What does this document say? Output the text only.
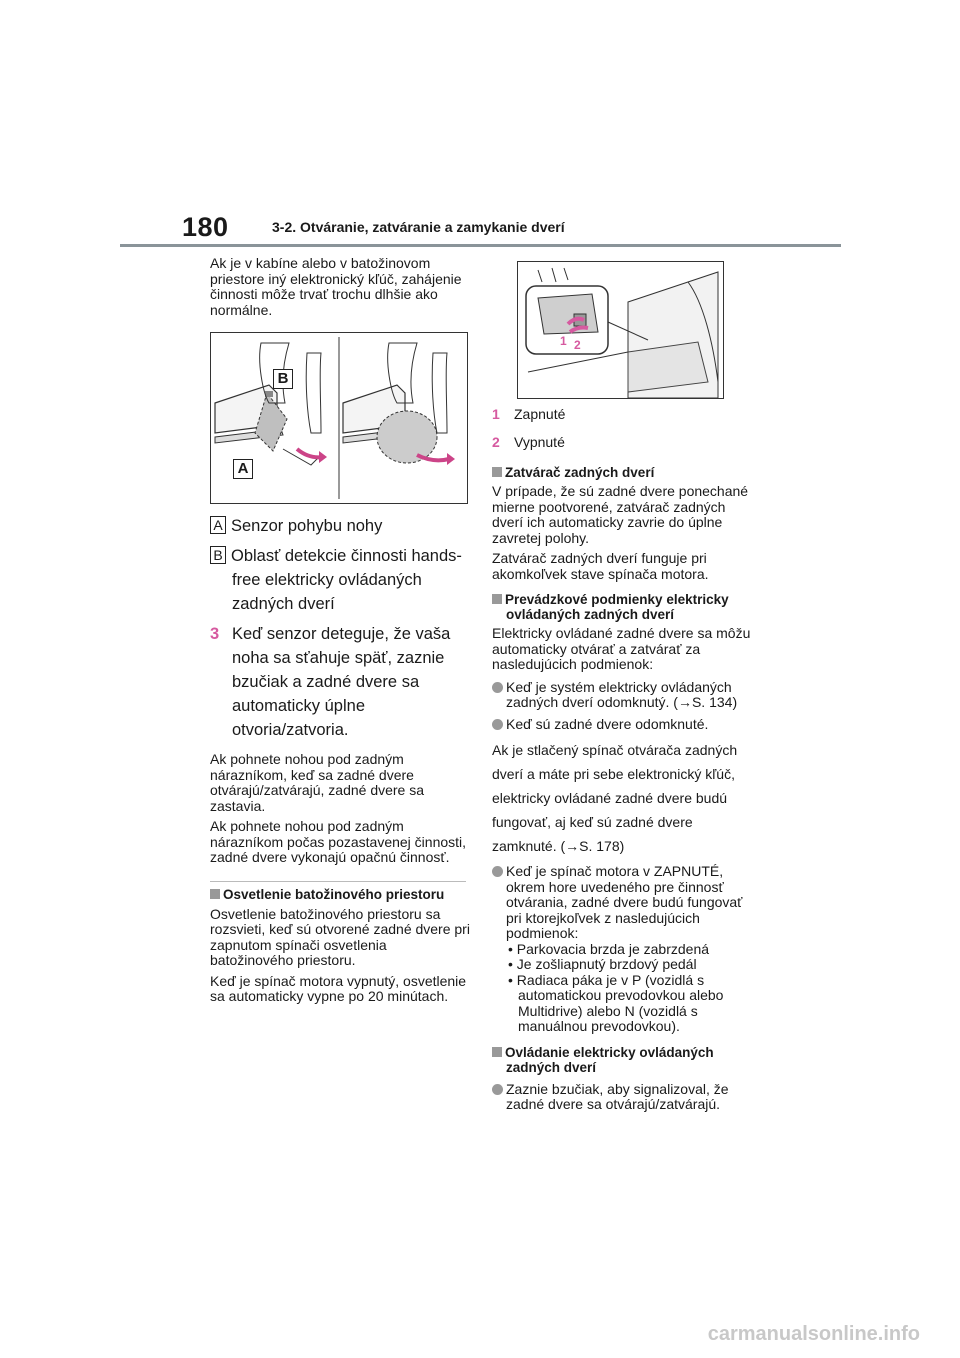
180	3-2. Otváranie, zatváranie a zamykanie dverí

Ak je v kabíne alebo v batožinovom priestore iný elektronický kľúč, zahájenie činnosti môže trvať trochu dlhšie ako normálne.

B
A
A Senzor pohybu nohy
B Oblasť detekcie činnosti hands-free elektricky ovládaných zadných dverí
3 Keď senzor deteguje, že vaša noha sa sťahuje späť, zaznie bzučiak a zadné dvere sa automaticky úplne otvoria/zatvoria.

Ak pohnete nohou pod zadným nárazníkom, keď sa zadné dvere otvárajú/zatvárajú, zadné dvere sa zastavia.

Ak pohnete nohou pod zadným nárazníkom počas pozastavenej činnosti, zadné dvere vykonajú opačnú činnosť.

Osvetlenie batožinového priestoru

Osvetlenie batožinového priestoru sa rozsvieti, keď sú otvorené zadné dvere pri zapnutom spínači osvetlenia batožinového priestoru.

Keď je spínač motora vypnutý, osvetlenie sa automaticky vypne po 20 minútach.

1 2
1 Zapnuté
2 Vypnuté
Zatvárač zadných dverí

V prípade, že sú zadné dvere ponechané mierne pootvorené, zatvárač zadných dverí ich automaticky zavrie do úplne zavretej polohy.

Zatvárač zadných dverí funguje pri akomkoľvek stave spínača motora.

Prevádzkové podmienky elektricky ovládaných zadných dverí

Elektricky ovládané zadné dvere sa môžu automaticky otvárať a zatvárať za nasledujúcich podmienok:

Keď je systém elektricky ovládaných zadných dverí odomknutý. (→S. 134)
Keď sú zadné dvere odomknuté.

Ak je stlačený spínač otvárača zadných dverí a máte pri sebe elektronický kľúč, elektricky ovládané zadné dvere budú fungovať, aj keď sú zadné dvere zamknuté. (→S. 178)

Keď je spínač motora v ZAPNUTÉ, okrem hore uvedeného pre činnosť otvárania, zadné dvere budú fungovať pri ktorejkoľvek z nasledujúcich podmienok:
• Parkovacia brzda je zabrzdená
• Je zošliapnutý brzdový pedál
• Radiaca páka je v P (vozidlá s automatickou prevodovkou alebo Multidrive) alebo N (vozidlá s manuálnou prevodovkou).
Ovládanie elektricky ovládaných zadných dverí
Zaznie bzučiak, aby signalizoval, že zadné dvere sa otvárajú/zatvárajú.
carmanualsonline.info
